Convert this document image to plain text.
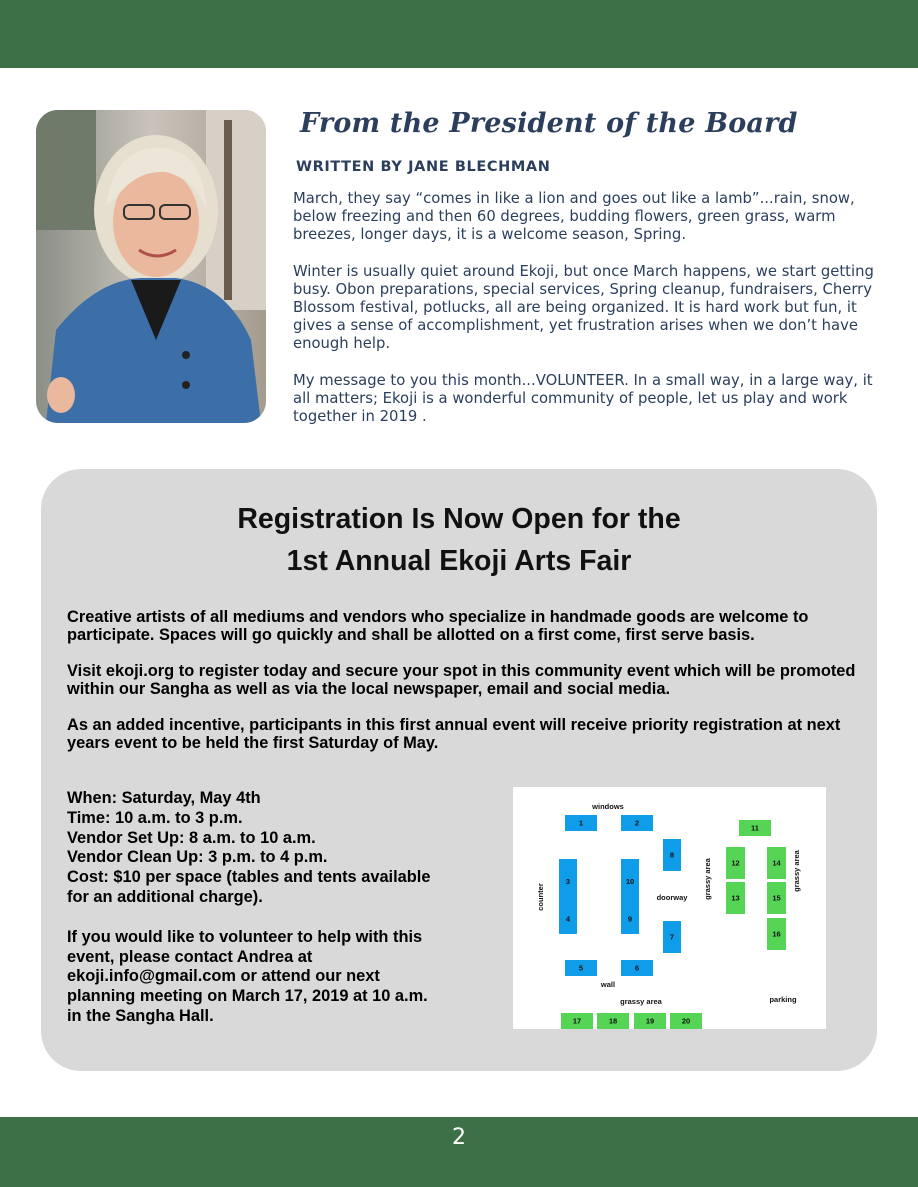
From the President of the Board
WRITTEN BY JANE BLECHMAN

March, they say “comes in like a lion and goes out like a lamb”...rain, snow, below freezing and then 60 degrees, budding flowers, green grass, warm breezes, longer days, it is a welcome season, Spring.

Winter is usually quiet around Ekoji, but once March happens, we start getting busy. Obon preparations, special services, Spring cleanup, fundraisers, Cherry Blossom festival, potlucks, all are being organized. It is hard work but fun, it gives a sense of accomplishment, yet frustration arises when we don’t have enough help.

My message to you this month...VOLUNTEER. In a small way, in a large way, it all matters; Ekoji is a wonderful community of people, let us play and work together in 2019 .

Registration Is Now Open for the
1st Annual Ekoji Arts Fair

Creative artists of all mediums and vendors who specialize in handmade goods are welcome to participate. Spaces will go quickly and shall be allotted on a first come, first serve basis.

Visit ekoji.org to register today and secure your spot in this community event which will be promoted within our Sangha as well as via the local newspaper, email and social media.

As an added incentive, participants in this first annual event will receive priority registration at next years event to be held the first Saturday of May.

When: Saturday, May 4th
Time: 10 a.m. to 3 p.m.
Vendor Set Up: 8 a.m. to 10 a.m.
Vendor Clean Up: 3 p.m. to 4 p.m.
Cost: $10 per space (tables and tents available
for an additional charge).
If you would like to volunteer to help with this
event, please contact Andrea at
ekoji.info@gmail.com or attend our next
planning meeting on March 17, 2019 at 10 a.m.
in the Sangha Hall.
windows
counter	doorway
wall
grassy area
grassy area	grassy area
parking
1	2
3
4
5	6
7
8
9
10
11
12
13
14
15
16
17	18	19	20
2
